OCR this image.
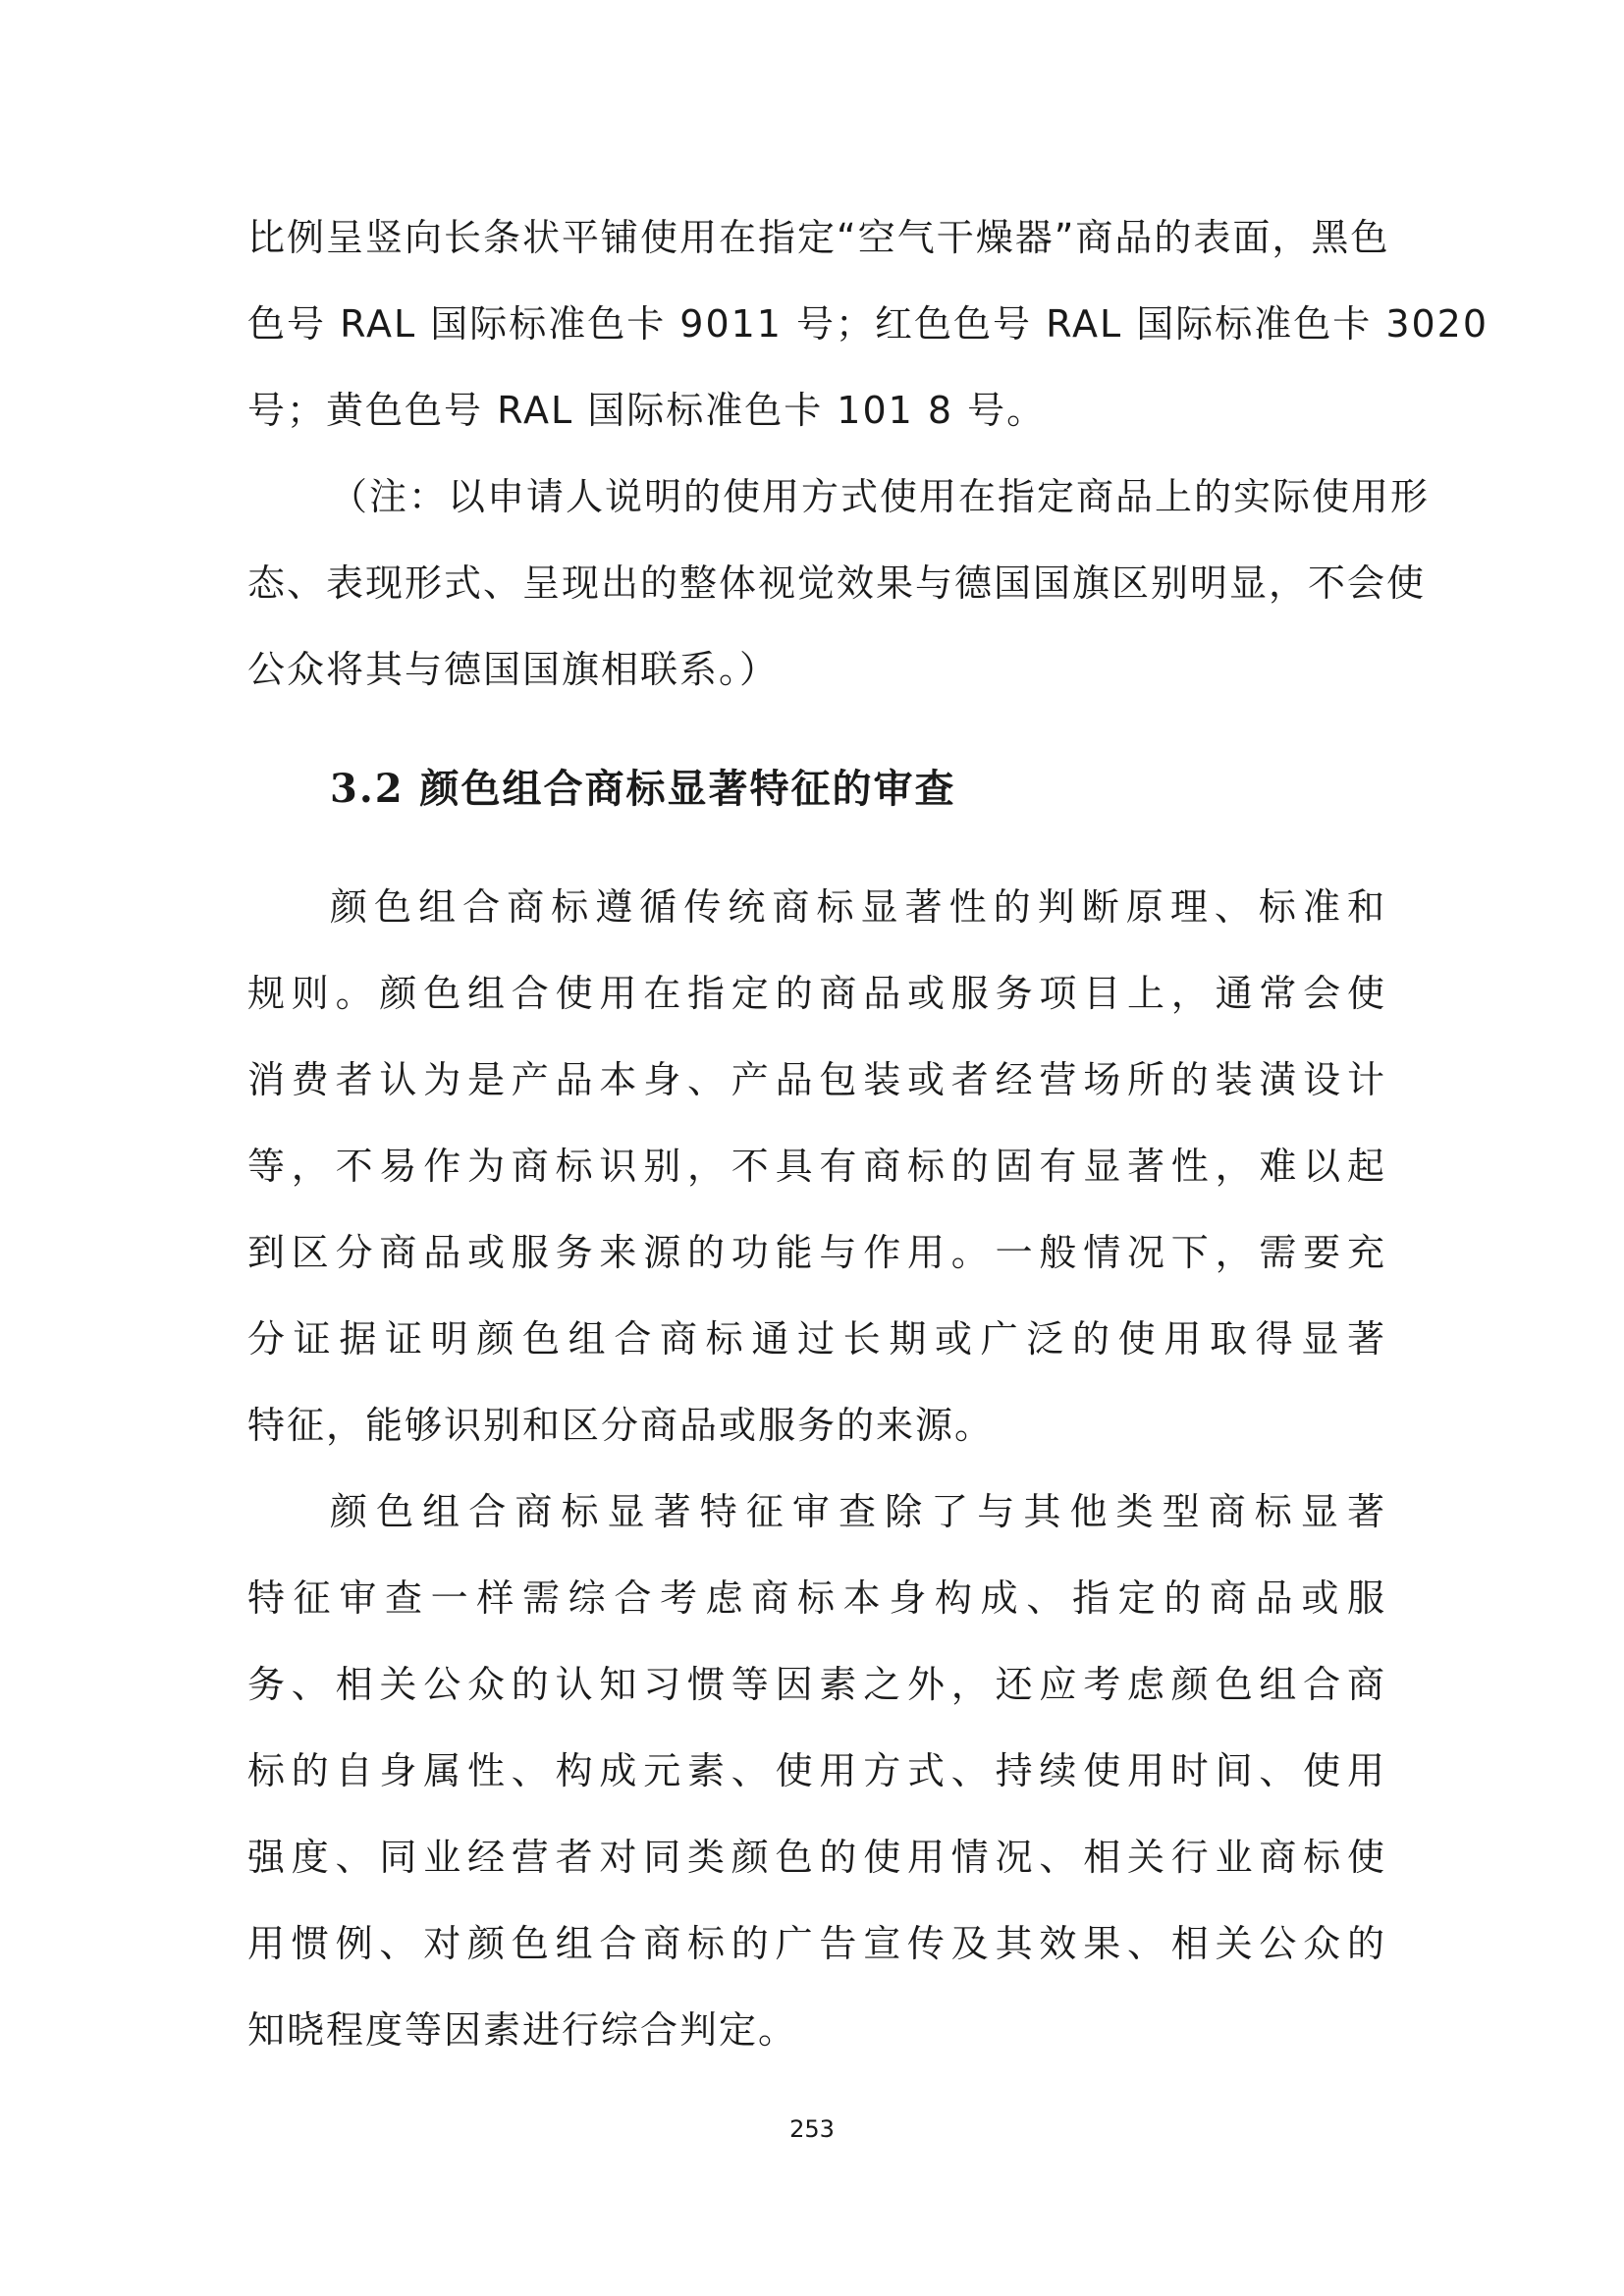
比例呈竖向长条状平铺使用在指定“空气干燥器”商品的表面，黑色
色号 RAL 国际标准色卡 9011 号；红色色号 RAL 国际标准色卡 3020
号；黄色色号 RAL 国际标准色卡 101 8 号。
（注：以申请人说明的使用方式使用在指定商品上的实际使用形
态、表现形式、呈现出的整体视觉效果与德国国旗区别明显，不会使
公众将其与德国国旗相联系。）
3.2 颜色组合商标显著特征的审查
颜色组合商标遵循传统商标显著性的判断原理、标准和
规则。颜色组合使用在指定的商品或服务项目上，通常会使
消费者认为是产品本身、产品包装或者经营场所的装潢设计
等，不易作为商标识别，不具有商标的固有显著性，难以起
到区分商品或服务来源的功能与作用。一般情况下，需要充
分证据证明颜色组合商标通过长期或广泛的使用取得显著
特征，能够识别和区分商品或服务的来源。
颜色组合商标显著特征审查除了与其他类型商标显著
特征审查一样需综合考虑商标本身构成、指定的商品或服
务、相关公众的认知习惯等因素之外，还应考虑颜色组合商
标的自身属性、构成元素、使用方式、持续使用时间、使用
强度、同业经营者对同类颜色的使用情况、相关行业商标使
用惯例、对颜色组合商标的广告宣传及其效果、相关公众的
知晓程度等因素进行综合判定。
253
